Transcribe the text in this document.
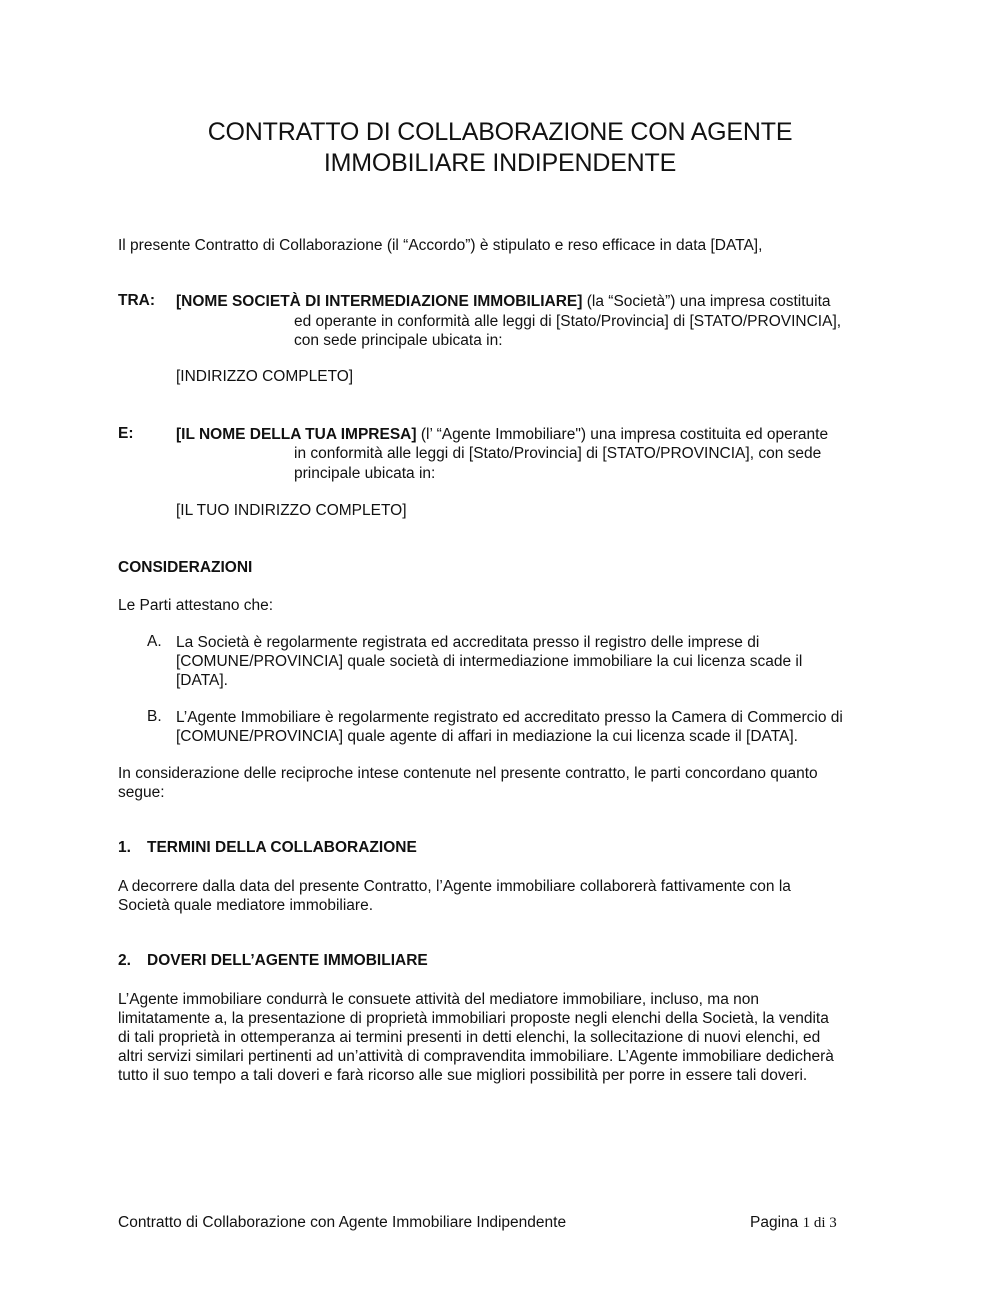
CONTRATTO DI COLLABORAZIONE CON AGENTE
IMMOBILIARE INDIPENDENTE
Il presente Contratto di Collaborazione (il “Accordo”) è stipulato e reso efficace in data [DATA],
TRA: [NOME SOCIETÀ DI INTERMEDIAZIONE IMMOBILIARE] (la “Società”) una impresa costituita
ed operante in conformità alle leggi di [Stato/Provincia] di [STATO/PROVINCIA],
con sede principale ubicata in:
[INDIRIZZO COMPLETO]
E:	[IL NOME DELLA TUA IMPRESA] (l’ “Agente Immobiliare") una impresa costituita ed operante
in conformità alle leggi di [Stato/Provincia] di [STATO/PROVINCIA], con sede
principale ubicata in:
[IL TUO INDIRIZZO COMPLETO]
CONSIDERAZIONI
Le Parti attestano che:
A. La Società è regolarmente registrata ed accreditata presso il registro delle imprese di
[COMUNE/PROVINCIA] quale società di intermediazione immobiliare la cui licenza scade il
[DATA].
B. L’Agente Immobiliare è regolarmente registrato ed accreditato presso la Camera di Commercio di
[COMUNE/PROVINCIA] quale agente di affari in mediazione la cui licenza scade il [DATA].
In considerazione delle reciproche intese contenute nel presente contratto, le parti concordano quanto
segue:
1. TERMINI DELLA COLLABORAZIONE
A decorrere dalla data del presente Contratto, l’Agente immobiliare collaborerà fattivamente con la
Società quale mediatore immobiliare.
2. DOVERI DELL’AGENTE IMMOBILIARE
L’Agente immobiliare condurrà le consuete attività del mediatore immobiliare, incluso, ma non
limitatamente a, la presentazione di proprietà immobiliari proposte negli elenchi della Società, la vendita
di tali proprietà in ottemperanza ai termini presenti in detti elenchi, la sollecitazione di nuovi elenchi, ed
altri servizi similari pertinenti ad un’attività di compravendita immobiliare. L’Agente immobiliare dedicherà
tutto il suo tempo a tali doveri e farà ricorso alle sue migliori possibilità per porre in essere tali doveri.
Contratto di Collaborazione con Agente Immobiliare Indipendente	Pagina 1 di 3
